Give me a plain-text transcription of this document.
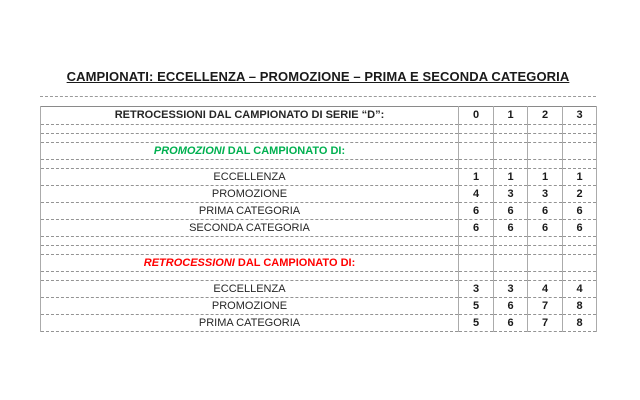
CAMPIONATI: ECCELLENZA – PROMOZIONE – PRIMA E SECONDA CATEGORIA
RETROCESSIONI DAL CAMPIONATO DI SERIE “D”:	0	1	2	3

PROMOZIONI DAL CAMPIONATO DI:				

ECCELLENZA	1	1	1	1
PROMOZIONE	4	3	3	2
PRIMA CATEGORIA	6	6	6	6
SECONDA CATEGORIA	6	6	6	6

RETROCESSIONI DAL CAMPIONATO DI:				

ECCELLENZA	3	3	4	4
PROMOZIONE	5	6	7	8
PRIMA CATEGORIA	5	6	7	8
